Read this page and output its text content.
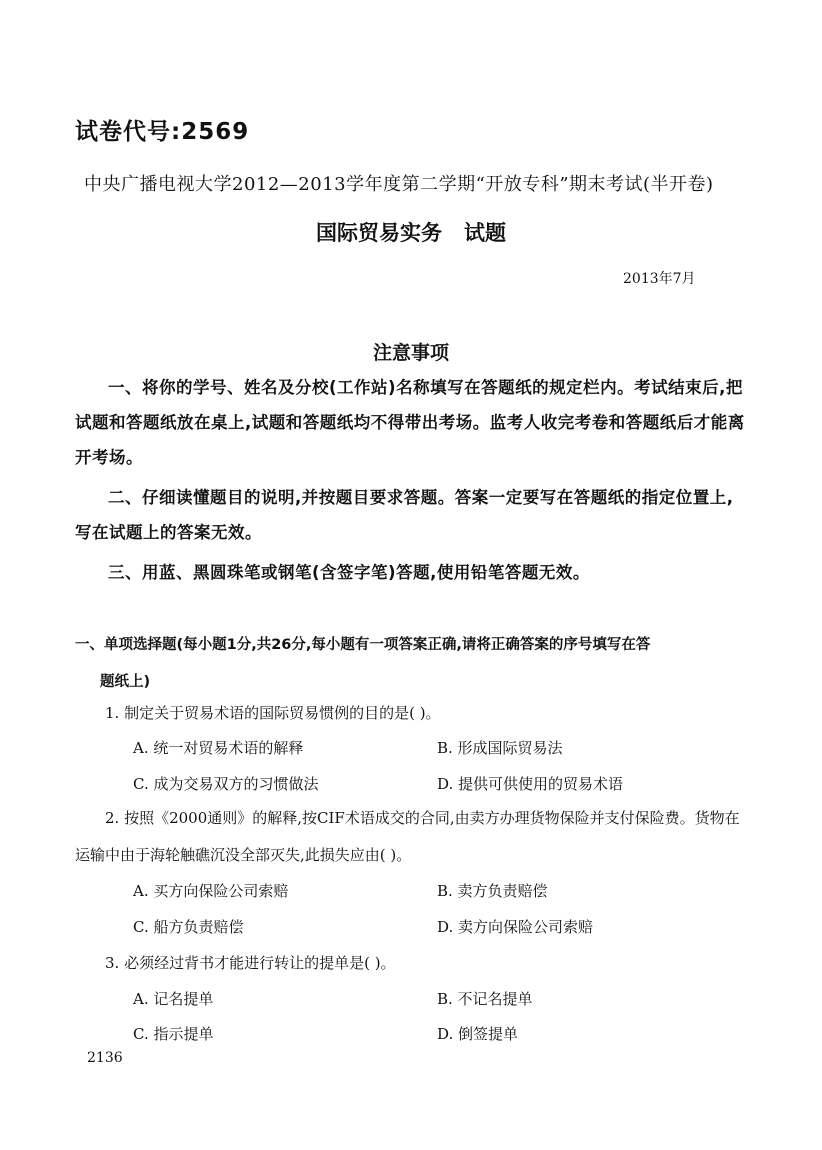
试卷代号:2569
中央广播电视大学2012—2013学年度第二学期“开放专科”期末考试(半开卷)
国际贸易实务   试题
2013年7月
注意事项
一、将你的学号、姓名及分校(工作站)名称填写在答题纸的规定栏内。考试结束后,把试题和答题纸放在桌上,试题和答题纸均不得带出考场。监考人收完考卷和答题纸后才能离开考场。
二、仔细读懂题目的说明,并按题目要求答题。答案一定要写在答题纸的指定位置上,写在试题上的答案无效。
三、用蓝、黑圆珠笔或钢笔(含签字笔)答题,使用铅笔答题无效。
一、单项选择题(每小题1分,共26分,每小题有一项答案正确,请将正确答案的序号填写在答
题纸上)
1. 制定关于贸易术语的国际贸易惯例的目的是( )。
A. 统一对贸易术语的解释	B. 形成国际贸易法
C. 成为交易双方的习惯做法	D. 提供可供使用的贸易术语
2. 按照《2000通则》的解释,按CIF术语成交的合同,由卖方办理货物保险并支付保险费。货物在运输中由于海轮触礁沉没全部灭失,此损失应由( )。
A. 买方向保险公司索赔	B. 卖方负责赔偿
C. 船方负责赔偿	D. 卖方向保险公司索赔
3. 必须经过背书才能进行转让的提单是( )。
A. 记名提单	B. 不记名提单
C. 指示提单	D. 倒签提单
2136
